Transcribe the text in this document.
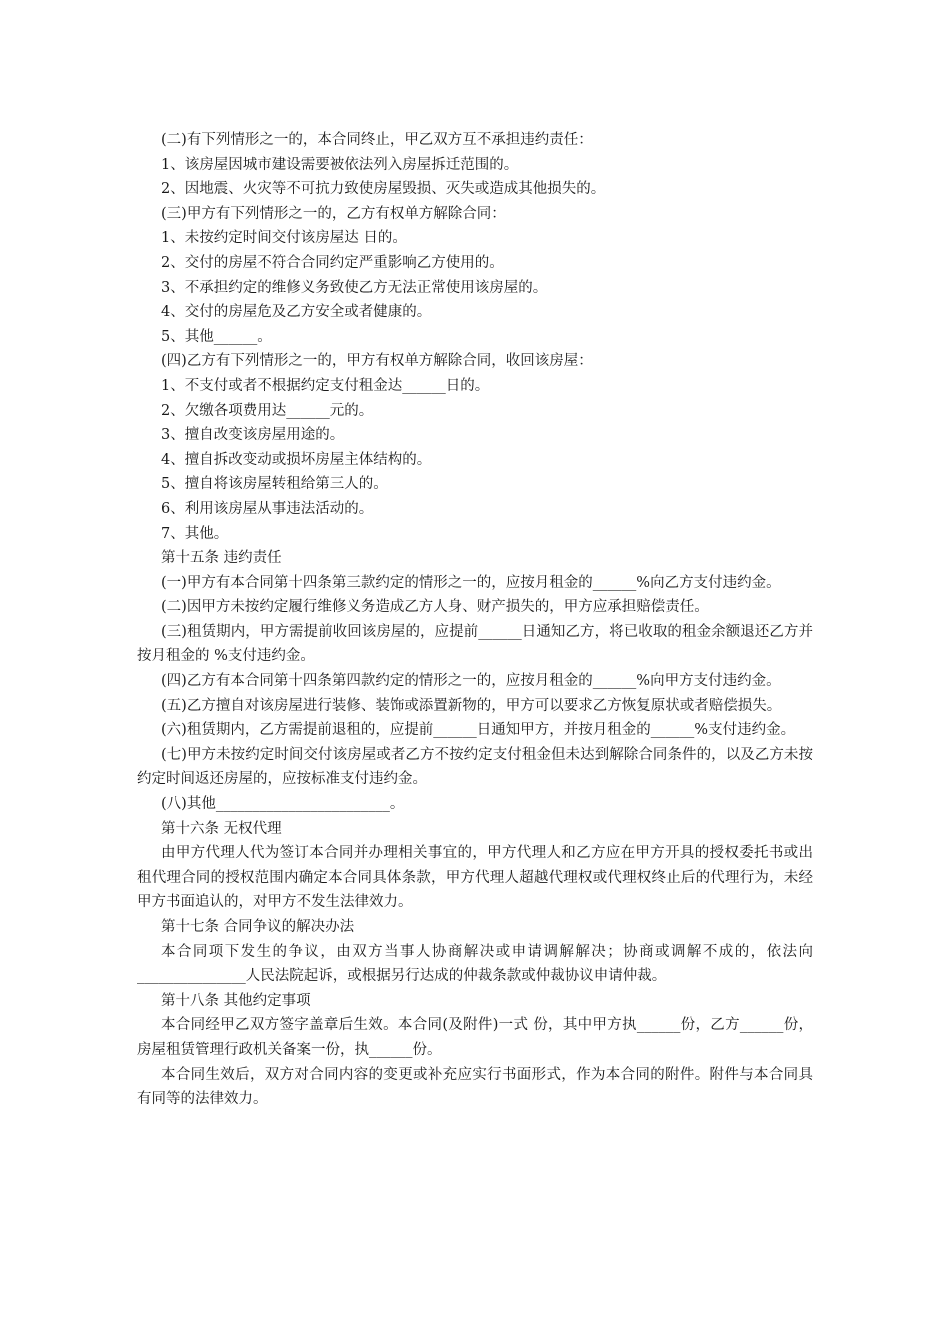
(二)有下列情形之一的，本合同终止，甲乙双方互不承担违约责任：

1、该房屋因城市建设需要被依法列入房屋拆迁范围的。

2、因地震、火灾等不可抗力致使房屋毁损、灭失或造成其他损失的。

(三)甲方有下列情形之一的，乙方有权单方解除合同：

1、未按约定时间交付该房屋达 日的。

2、交付的房屋不符合合同约定严重影响乙方使用的。

3、不承担约定的维修义务致使乙方无法正常使用该房屋的。

4、交付的房屋危及乙方安全或者健康的。

5、其他______。

(四)乙方有下列情形之一的，甲方有权单方解除合同，收回该房屋：

1、不支付或者不根据约定支付租金达______日的。

2、欠缴各项费用达______元的。

3、擅自改变该房屋用途的。

4、擅自拆改变动或损坏房屋主体结构的。

5、擅自将该房屋转租给第三人的。

6、利用该房屋从事违法活动的。

7、其他。

第十五条 违约责任

(一)甲方有本合同第十四条第三款约定的情形之一的，应按月租金的______%向乙方支付违约金。

(二)因甲方未按约定履行维修义务造成乙方人身、财产损失的，甲方应承担赔偿责任。

(三)租赁期内，甲方需提前收回该房屋的，应提前______日通知乙方，将已收取的租金余额退还乙方并按月租金的 %支付违约金。

(四)乙方有本合同第十四条第四款约定的情形之一的，应按月租金的______%向甲方支付违约金。

(五)乙方擅自对该房屋进行装修、装饰或添置新物的，甲方可以要求乙方恢复原状或者赔偿损失。

(六)租赁期内，乙方需提前退租的，应提前______日通知甲方，并按月租金的______%支付违约金。

(七)甲方未按约定时间交付该房屋或者乙方不按约定支付租金但未达到解除合同条件的，以及乙方未按约定时间返还房屋的，应按标准支付违约金。

(八)其他________________________。

第十六条 无权代理

由甲方代理人代为签订本合同并办理相关事宜的，甲方代理人和乙方应在甲方开具的授权委托书或出租代理合同的授权范围内确定本合同具体条款，甲方代理人超越代理权或代理权终止后的代理行为，未经甲方书面追认的，对甲方不发生法律效力。

第十七条 合同争议的解决办法

本合同项下发生的争议，由双方当事人协商解决或申请调解解决；协商或调解不成的，依法向_______________人民法院起诉，或根据另行达成的仲裁条款或仲裁协议申请仲裁。

第十八条 其他约定事项

本合同经甲乙双方签字盖章后生效。本合同(及附件)一式 份，其中甲方执______份，乙方______份，房屋租赁管理行政机关备案一份，执______份。

本合同生效后，双方对合同内容的变更或补充应实行书面形式，作为本合同的附件。附件与本合同具有同等的法律效力。
